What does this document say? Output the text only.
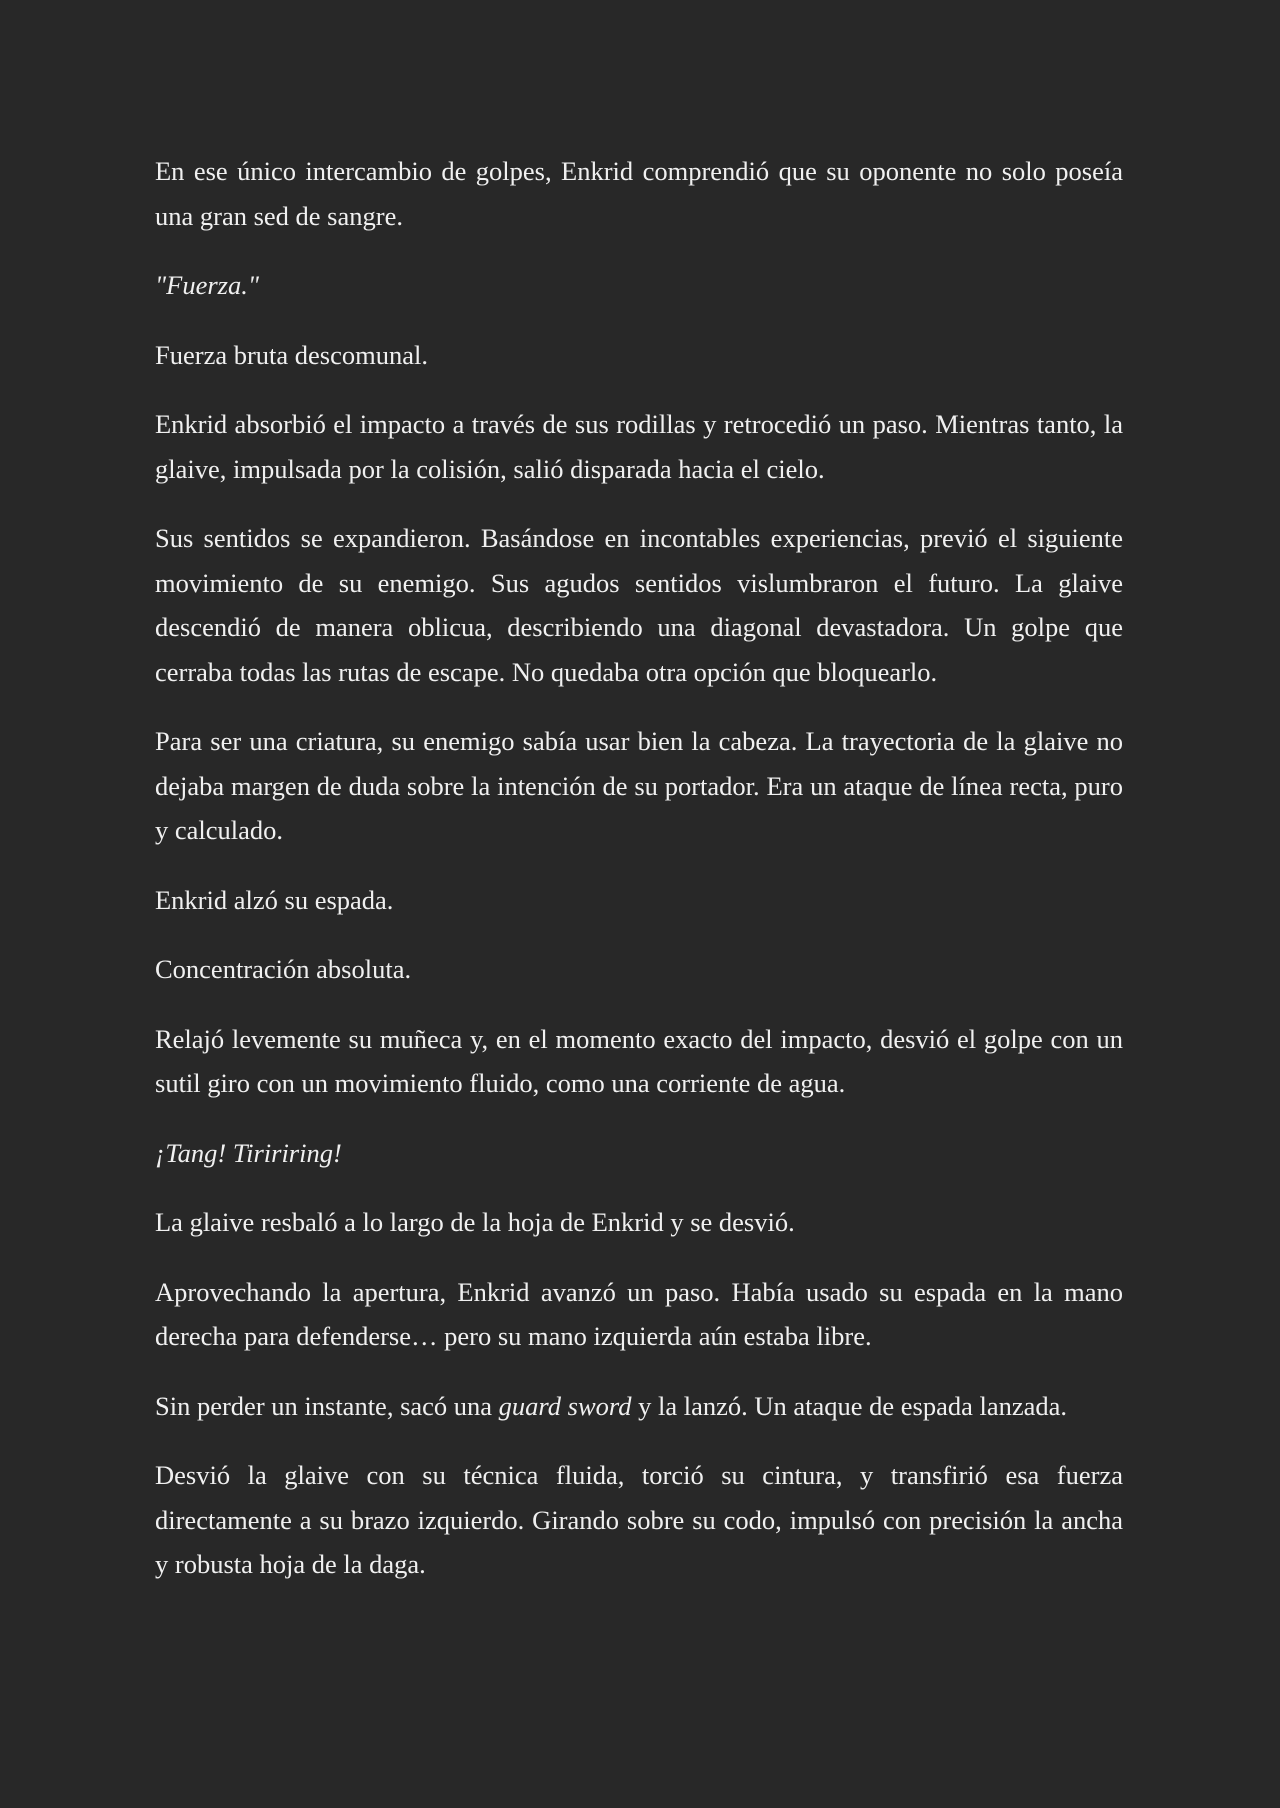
En ese único intercambio de golpes, Enkrid comprendió que su oponente no solo poseía una gran sed de sangre.

"Fuerza."

Fuerza bruta descomunal.

Enkrid absorbió el impacto a través de sus rodillas y retrocedió un paso. Mientras tanto, la glaive, impulsada por la colisión, salió disparada hacia el cielo.

Sus sentidos se expandieron. Basándose en incontables experiencias, previó el siguiente movimiento de su enemigo. Sus agudos sentidos vislumbraron el futuro. La glaive descendió de manera oblicua, describiendo una diagonal devastadora. Un golpe que cerraba todas las rutas de escape. No quedaba otra opción que bloquearlo.

Para ser una criatura, su enemigo sabía usar bien la cabeza. La trayectoria de la glaive no dejaba margen de duda sobre la intención de su portador. Era un ataque de línea recta, puro y calculado.

Enkrid alzó su espada.

Concentración absoluta.

Relajó levemente su muñeca y, en el momento exacto del impacto, desvió el golpe con un sutil giro con un movimiento fluido, como una corriente de agua.

¡Tang! Tiririring!

La glaive resbaló a lo largo de la hoja de Enkrid y se desvió.

Aprovechando la apertura, Enkrid avanzó un paso. Había usado su espada en la mano derecha para defenderse… pero su mano izquierda aún estaba libre.

Sin perder un instante, sacó una guard sword y la lanzó. Un ataque de espada lanzada.

Desvió la glaive con su técnica fluida, torció su cintura, y transfirió esa fuerza directamente a su brazo izquierdo. Girando sobre su codo, impulsó con precisión la ancha y robusta hoja de la daga.
